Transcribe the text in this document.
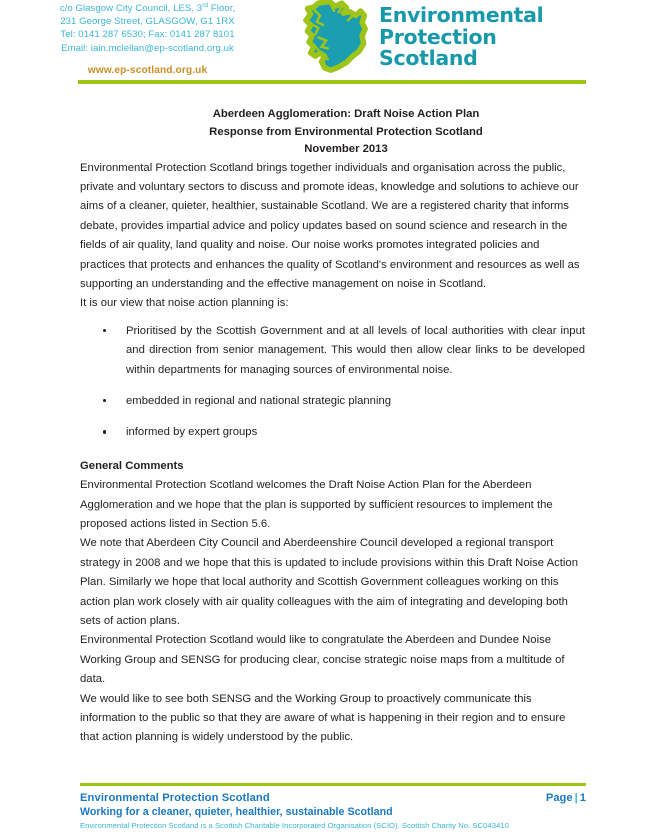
c/o Glasgow City Council, LES, 3rd Floor,
231 George Street, GLASGOW, G1 1RX
Tel: 0141 287 6530; Fax: 0141 287 8101
Email: iain.mclellan@ep-scotland.org.uk
www.ep-scotland.org.uk
Environmental
Protection
Scotland
Aberdeen Agglomeration: Draft Noise Action Plan
Response from Environmental Protection Scotland
November 2013

Environmental Protection Scotland brings together individuals and organisation across the public, private and voluntary sectors to discuss and promote ideas, knowledge and solutions to achieve our aims of a cleaner, quieter, healthier, sustainable Scotland. We are a registered charity that informs debate, provides impartial advice and policy updates based on sound science and research in the fields of air quality, land quality and noise. Our noise works promotes integrated policies and practices that protects and enhances the quality of Scotland's environment and resources as well as supporting an understanding and the effective management on noise in Scotland.

It is our view that noise action planning is:

Prioritised by the Scottish Government and at all levels of local authorities with clear input and direction from senior management. This would then allow clear links to be developed within departments for managing sources of environmental noise.
embedded in regional and national strategic planning
informed by expert groups
General Comments

Environmental Protection Scotland welcomes the Draft Noise Action Plan for the Aberdeen Agglomeration and we hope that the plan is supported by sufficient resources to implement the proposed actions listed in Section 5.6.

We note that Aberdeen City Council and Aberdeenshire Council developed a regional transport strategy in 2008 and we hope that this is updated to include provisions within this Draft Noise Action Plan. Similarly we hope that local authority and Scottish Government colleagues working on this action plan work closely with air quality colleagues with the aim of integrating and developing both sets of action plans.

Environmental Protection Scotland would like to congratulate the Aberdeen and Dundee Noise Working Group and SENSG for producing clear, concise strategic noise maps from a multitude of data.

We would like to see both SENSG and the Working Group to proactively communicate this information to the public so that they are aware of what is happening in their region and to ensure that action planning is widely understood by the public.

Environmental Protection Scotland	Page | 1
Working for a cleaner, quieter, healthier, sustainable Scotland
Environmental Protection Scotland is a Scottish Charitable Incorporated Organisation (SCIO). Scottish Charity No. SC043410
